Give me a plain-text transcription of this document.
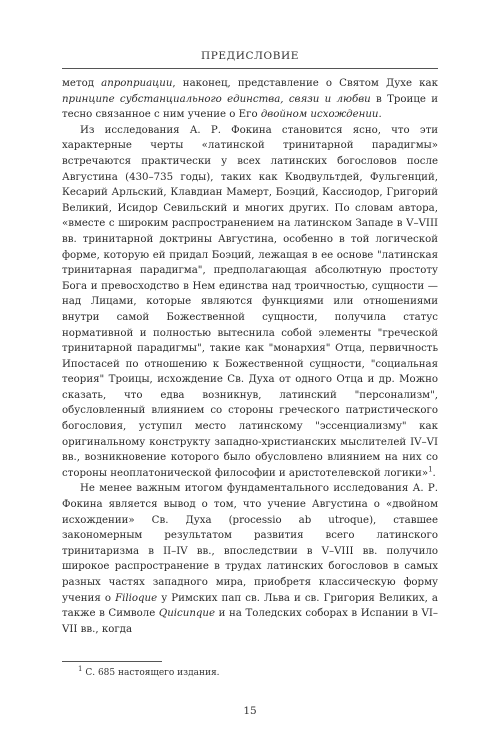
ПРЕДИСЛОВИЕ

метод апроприации, наконец, представление о Святом Духе как принципе субстанциального единства, связи и любви в Троице и тесно связанное с ним учение о Его двойном исхождении.

Из исследования А. Р. Фокина становится ясно, что эти характерные черты «латинской тринитарной парадигмы» встречаются практически у всех латинских богословов после Августина (430–735 годы), таких как Кводвультдей, Фульгенций, Кесарий Арльский, Клавдиан Мамерт, Боэций, Кассиодор, Григорий Великий, Исидор Севильский и многих других. По словам автора, «вместе с широким распространением на латинском Западе в V–VIII вв. тринитарной доктрины Августина, особенно в той логической форме, которую ей придал Боэций, лежащая в ее основе "латинская тринитарная парадигма", предполагающая абсолютную простоту Бога и превосходство в Нем единства над троичностью, сущности — над Лицами, которые являются функциями или отношениями внутри самой Божественной сущности, получила статус нормативной и полностью вытеснила собой элементы "греческой тринитарной парадигмы", такие как "монархия" Отца, первичность Ипостасей по отношению к Божественной сущности, "социальная теория" Троицы, исхождение Св. Духа от одного Отца и др. Можно сказать, что едва возникнув, латинский "персонализм", обусловленный влиянием со стороны греческого патристического богословия, уступил место латинскому "эссенциализму" как оригинальному конструкту западно-христианских мыслителей IV–VI вв., возникновение которого было обусловлено влиянием на них со стороны неоплатонической философии и аристотелевской логики»$^1$.

Не менее важным итогом фундаментального исследования А. Р. Фокина является вывод о том, что учение Августина о «двойном исхождении» Св. Духа (processio ab utroque), ставшее закономерным результатом развития всего латинского тринитаризма в II–IV вв., впоследствии в V–VIII вв. получило широкое распространение в трудах латинских богословов в самых разных частях западного мира, приобретя классическую форму учения о Filioque у Римских пап св. Льва и св. Григория Великих, а также в Символе Quicunque и на Толедских соборах в Испании в VI–VII вв., когда

$^1$ С. 685 настоящего издания.
15
